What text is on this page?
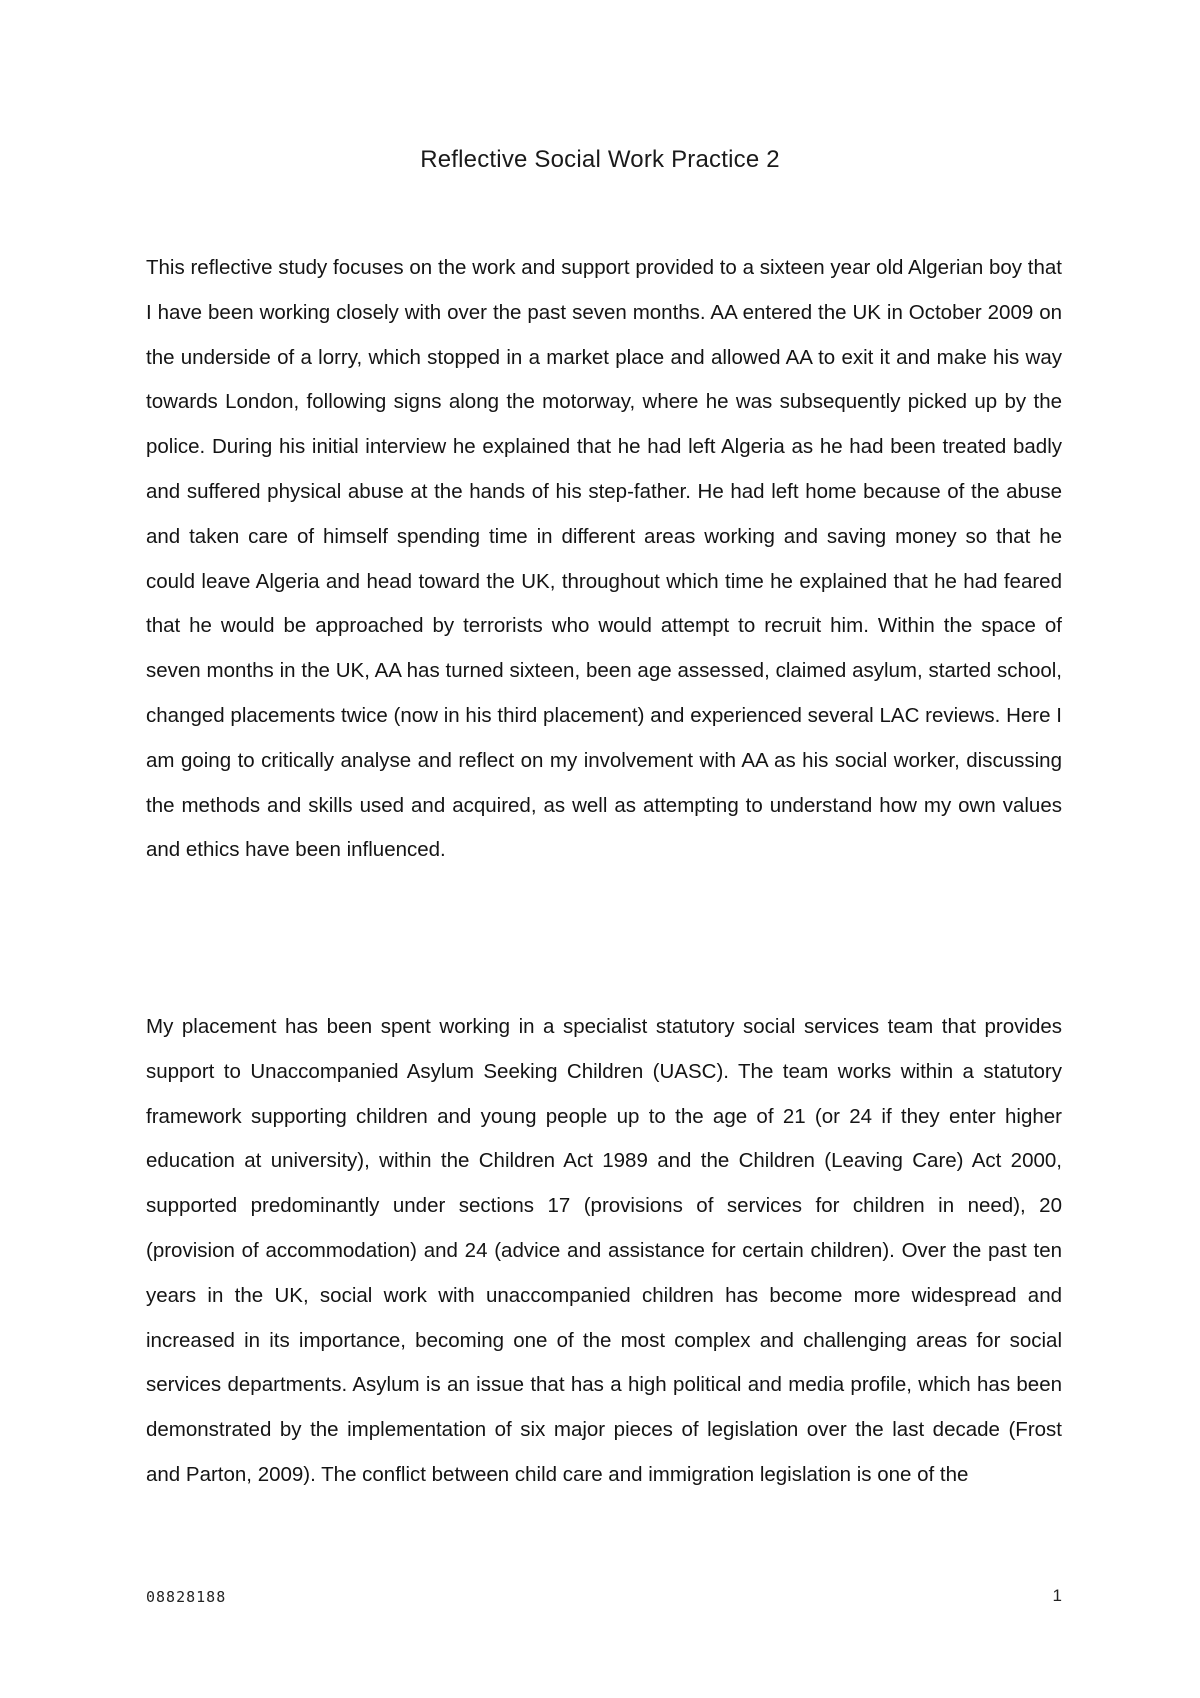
Reflective Social Work Practice 2

This reflective study focuses on the work and support provided to a sixteen year old Algerian boy that I have been working closely with over the past seven months. AA entered the UK in October 2009 on the underside of a lorry, which stopped in a market place and allowed AA to exit it and make his way towards London, following signs along the motorway, where he was subsequently picked up by the police. During his initial interview he explained that he had left Algeria as he had been treated badly and suffered physical abuse at the hands of his step-father. He had left home because of the abuse and taken care of himself spending time in different areas working and saving money so that he could leave Algeria and head toward the UK, throughout which time he explained that he had feared that he would be approached by terrorists who would attempt to recruit him. Within the space of seven months in the UK, AA has turned sixteen, been age assessed, claimed asylum, started school, changed placements twice (now in his third placement) and experienced several LAC reviews. Here I am going to critically analyse and reflect on my involvement with AA as his social worker, discussing the methods and skills used and acquired, as well as attempting to understand how my own values and ethics have been influenced.

My placement has been spent working in a specialist statutory social services team that provides support to Unaccompanied Asylum Seeking Children (UASC). The team works within a statutory framework supporting children and young people up to the age of 21 (or 24 if they enter higher education at university), within the Children Act 1989 and the Children (Leaving Care) Act 2000, supported predominantly under sections 17 (provisions of services for children in need), 20 (provision of accommodation) and 24 (advice and assistance for certain children). Over the past ten years in the UK, social work with unaccompanied children has become more widespread and increased in its importance, becoming one of the most complex and challenging areas for social services departments. Asylum is an issue that has a high political and media profile, which has been demonstrated by the implementation of six major pieces of legislation over the last decade (Frost and Parton, 2009). The conflict between child care and immigration legislation is one of the

08828188	1
